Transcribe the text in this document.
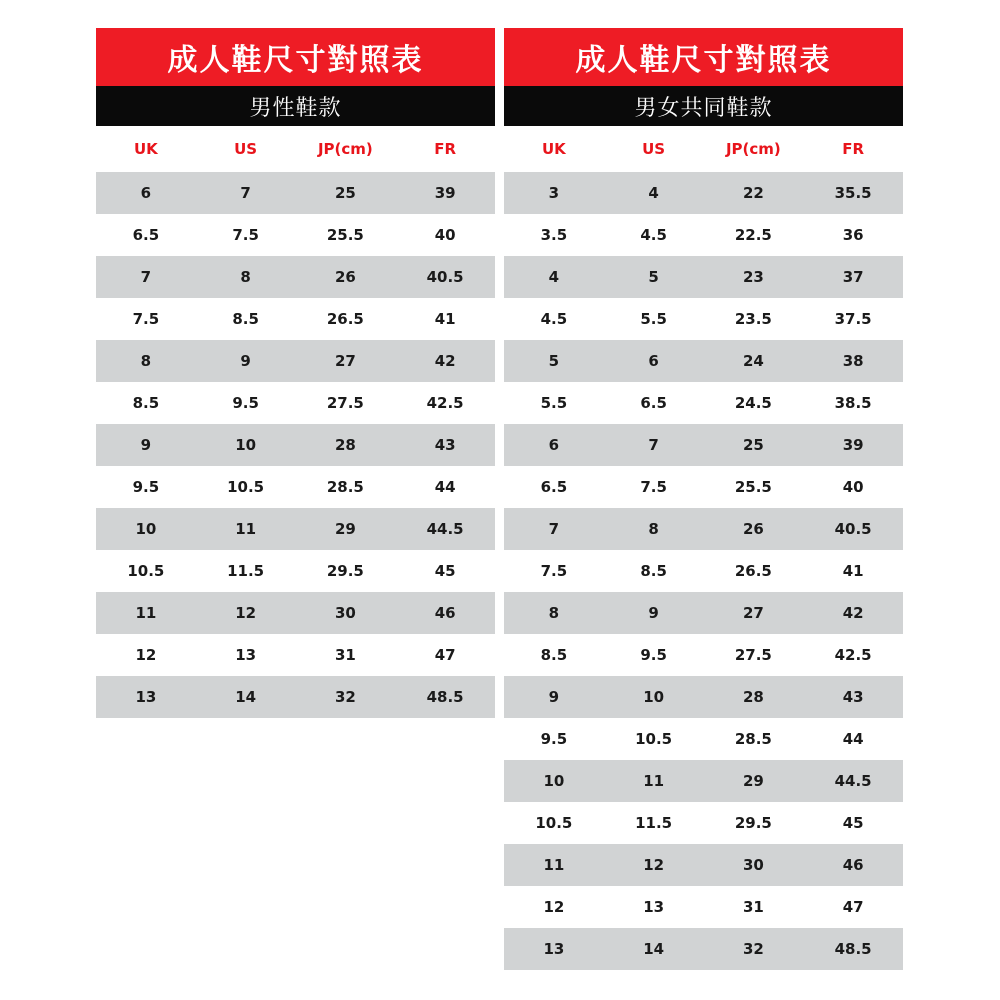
成人鞋尺寸對照表
男性鞋款
UK	US	JP(cm)	FR
6	7	25	39
6.5	7.5	25.5	40
7	8	26	40.5
7.5	8.5	26.5	41
8	9	27	42
8.5	9.5	27.5	42.5
9	10	28	43
9.5	10.5	28.5	44
10	11	29	44.5
10.5	11.5	29.5	45
11	12	30	46
12	13	31	47
13	14	32	48.5
成人鞋尺寸對照表
男女共同鞋款
UK	US	JP(cm)	FR
3	4	22	35.5
3.5	4.5	22.5	36
4	5	23	37
4.5	5.5	23.5	37.5
5	6	24	38
5.5	6.5	24.5	38.5
6	7	25	39
6.5	7.5	25.5	40
7	8	26	40.5
7.5	8.5	26.5	41
8	9	27	42
8.5	9.5	27.5	42.5
9	10	28	43
9.5	10.5	28.5	44
10	11	29	44.5
10.5	11.5	29.5	45
11	12	30	46
12	13	31	47
13	14	32	48.5
